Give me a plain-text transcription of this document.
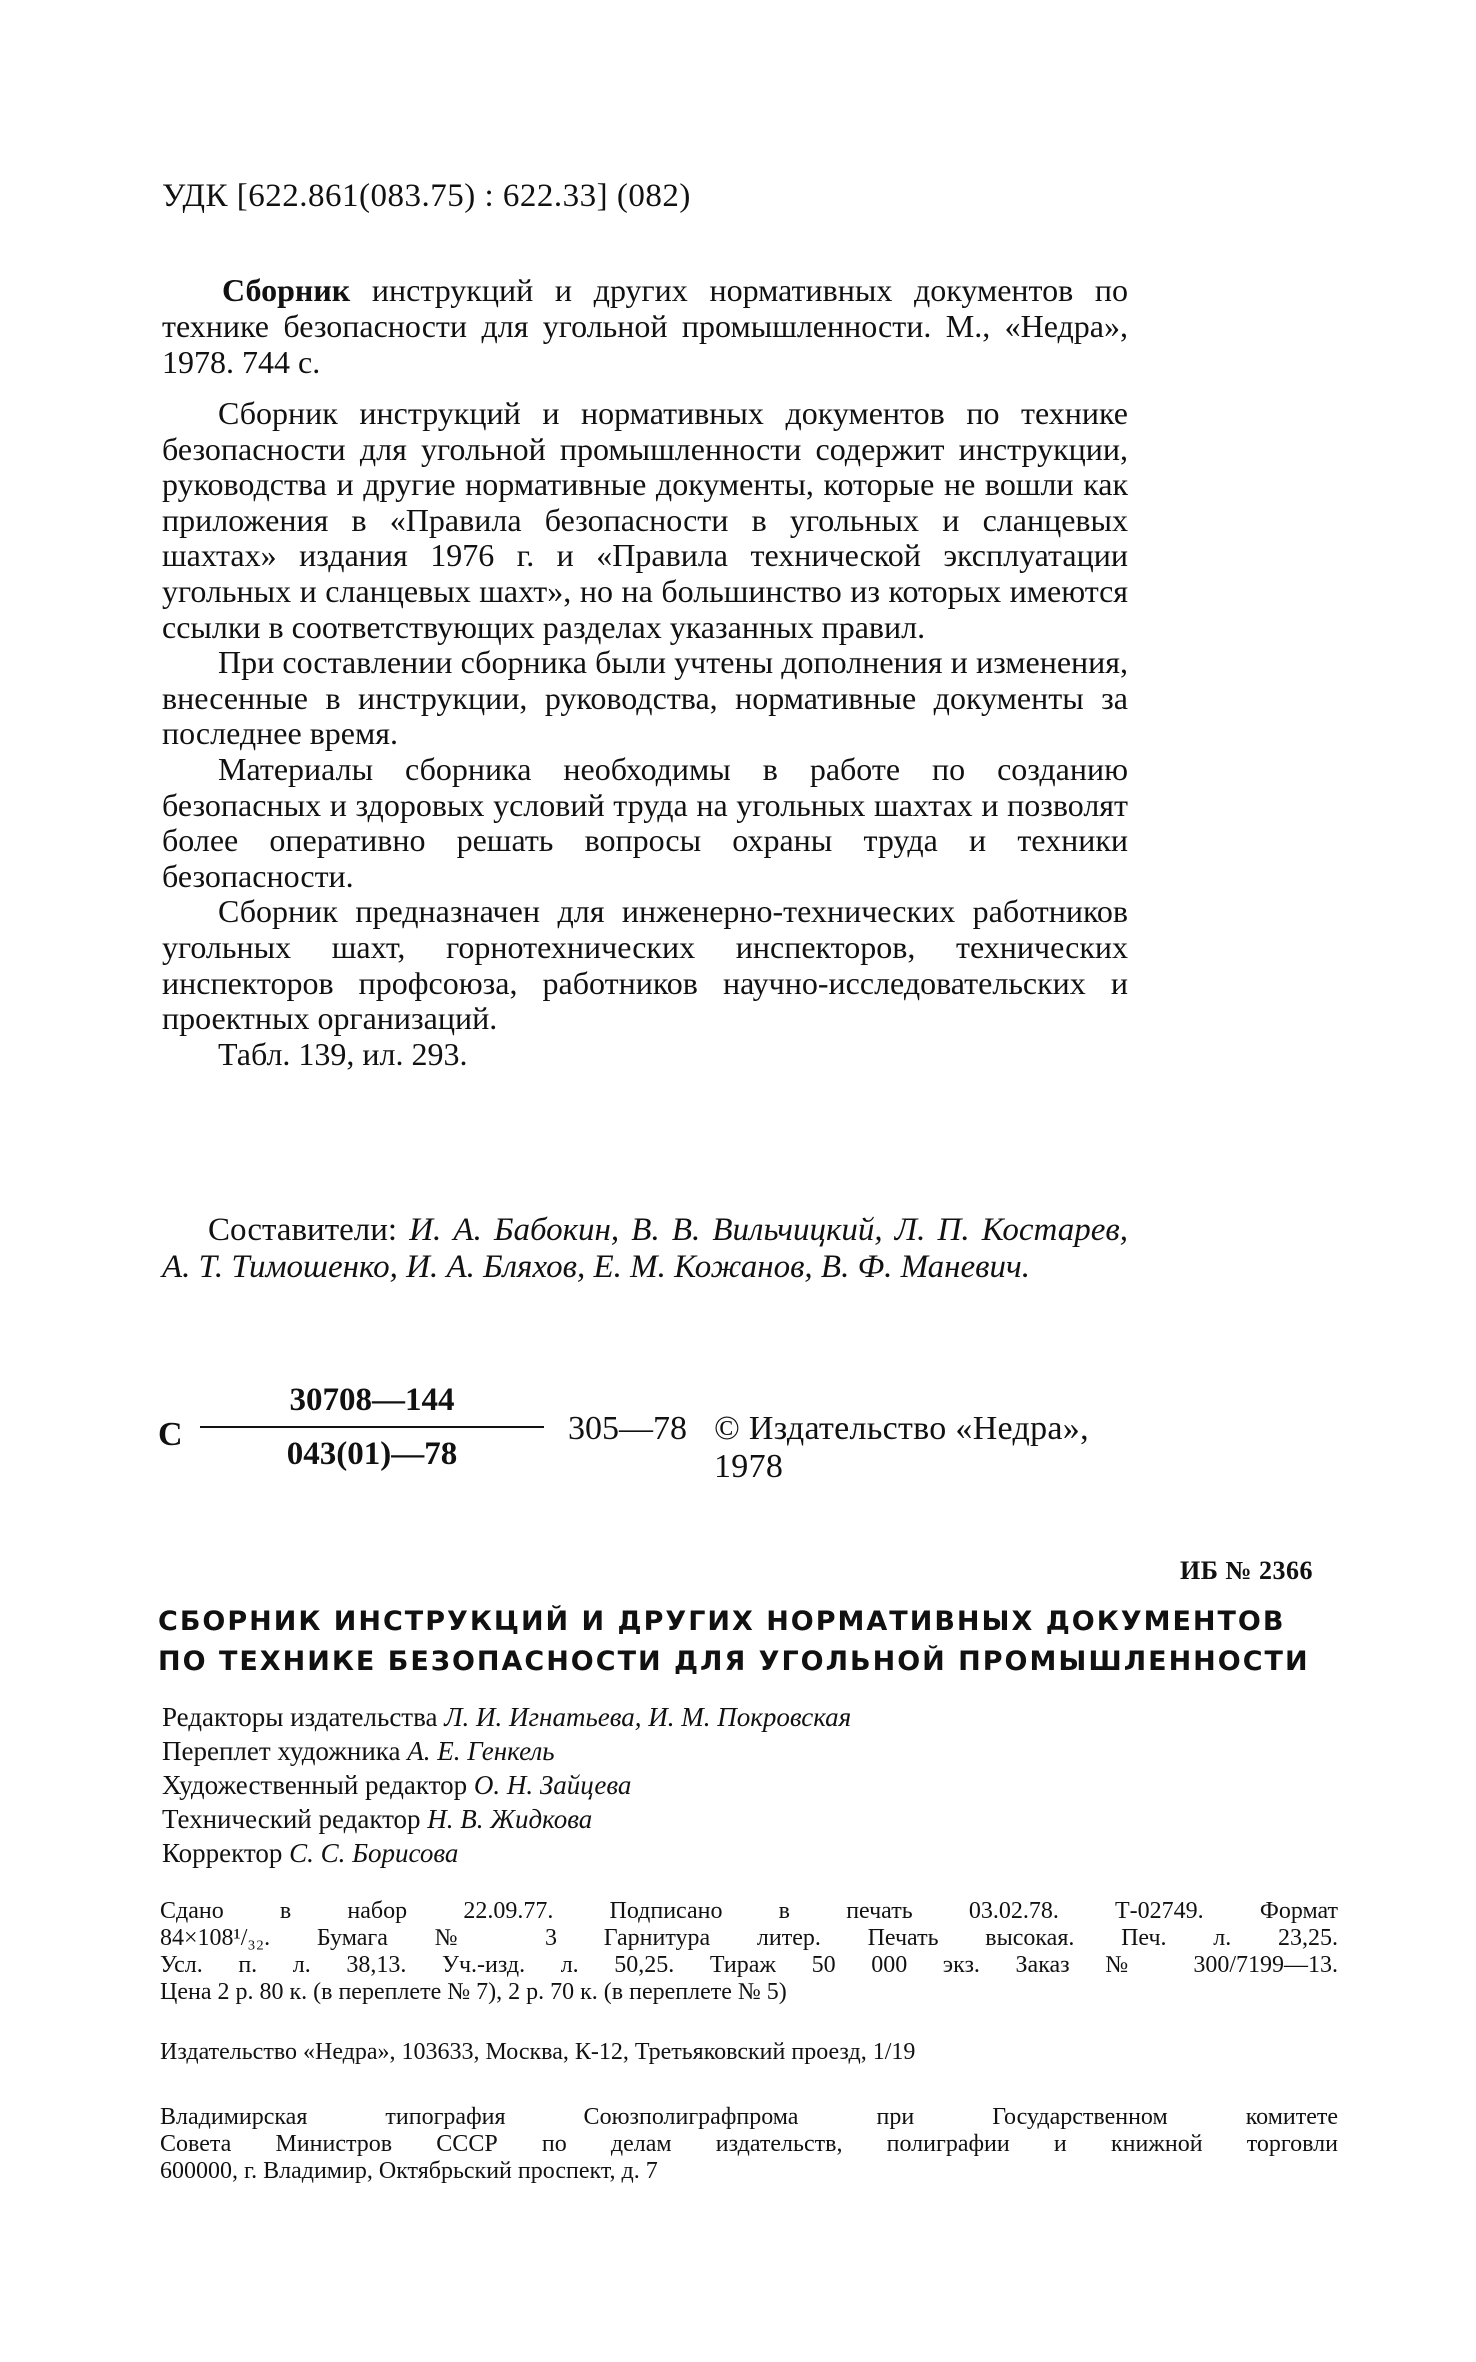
УДК [622.861(083.75) : 622.33] (082)
Сборник инструкций и других нормативных документов по технике безопасности для угольной промышленности. М., «Недра», 1978. 744 с.

Сборник инструкций и нормативных документов по технике безопасности для угольной промышленности содержит инструкции, руководства и другие нормативные документы, которые не вошли как приложения в «Правила безопасности в угольных и сланцевых шахтах» издания 1976 г. и «Правила технической эксплуатации угольных и сланцевых шахт», но на большинство из которых имеются ссылки в соответствующих разделах указанных правил.

При составлении сборника были учтены дополнения и изменения, внесенные в инструкции, руководства, нормативные документы за последнее время.

Материалы сборника необходимы в работе по созданию безопасных и здоровых условий труда на угольных шахтах и позволят более оперативно решать вопросы охраны труда и техники безопасности.

Сборник предназначен для инженерно-технических работников угольных шахт, горнотехнических инспекторов, технических инспекторов профсоюза, работников научно-исследовательских и проектных организаций.

Табл. 139, ил. 293.

Составители: И. А. Бабокин, В. В. Вильчицкий, Л. П. Костарев, А. Т. Тимошенко, И. А. Бляхов, Е. М. Кожанов, В. Ф. Маневич.
С
30708—144
043(01)—78
305—78 © Издательство «Недра», 1978
ИБ № 2366
СБОРНИК ИНСТРУКЦИЙ И ДРУГИХ НОРМАТИВНЫХ ДОКУМЕНТОВ
ПО ТЕХНИКЕ БЕЗОПАСНОСТИ ДЛЯ УГОЛЬНОЙ ПРОМЫШЛЕННОСТИ
Редакторы издательства Л. И. Игнатьева, И. М. Покровская
Переплет художника А. Е. Генкель
Художественный редактор О. Н. Зайцева
Технический редактор Н. В. Жидкова
Корректор С. С. Борисова
Сдано в набор 22.09.77. Подписано в печать 03.02.78. Т-02749. Формат
84×108¹/₃₂. Бумага № 3 Гарнитура литер. Печать высокая. Печ. л. 23,25.
Усл. п. л. 38,13. Уч.-изд. л. 50,25. Тираж 50 000 экз. Заказ № 300/7199—13.
Цена 2 р. 80 к. (в переплете № 7), 2 р. 70 к. (в переплете № 5)
Издательство «Недра», 103633, Москва, К-12, Третьяковский проезд, 1/19
Владимирская типография Союзполиграфпрома при Государственном комитете
Совета Министров СССР по делам издательств, полиграфии и книжной торговли
600000, г. Владимир, Октябрьский проспект, д. 7
